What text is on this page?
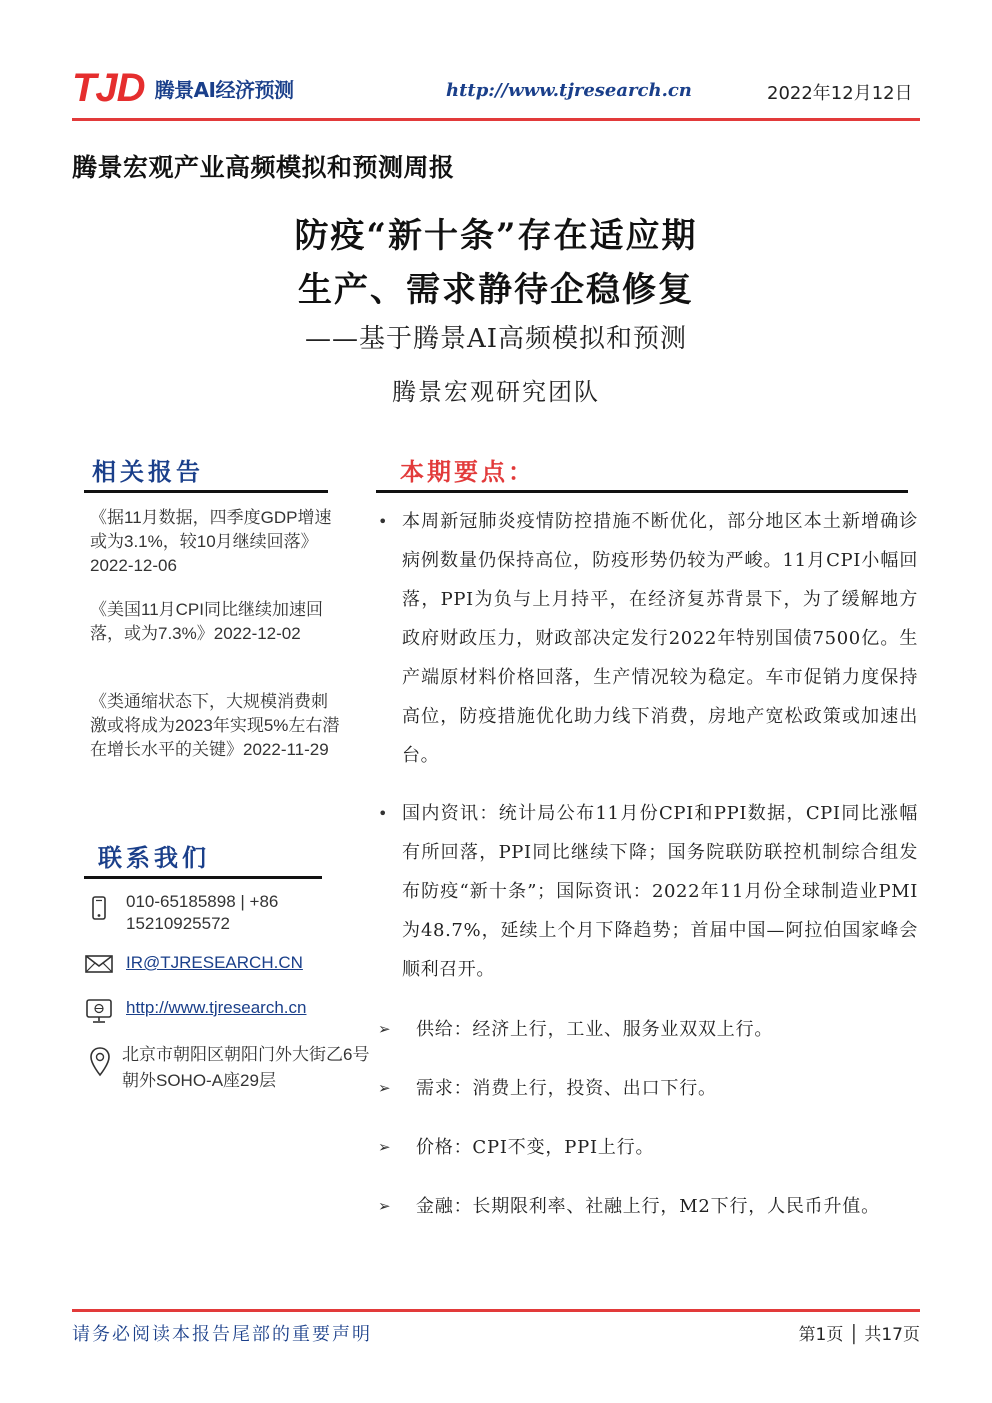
TJD 腾景AI经济预测	http://www.tjresearch.cn	2022年12月12日
腾景宏观产业高频模拟和预测周报
防疫“新十条”存在适应期
生产、需求静待企稳修复
——基于腾景AI高频模拟和预测
腾景宏观研究团队
相关报告
《据11月数据，四季度GDP增速或为3.1%，较10月继续回落》2022-12-06
《美国11月CPI同比继续加速回落，或为7.3%》2022-12-02
《类通缩状态下，大规模消费刺激或将成为2023年实现5%左右潜在增长水平的关键》2022-11-29
联系我们
010-65185898 | +86 15210925572
IR@TJRESEARCH.CN
http://www.tjresearch.cn
北京市朝阳区朝阳门外大街乙6号朝外SOHO-A座29层
本期要点：
• 本周新冠肺炎疫情防控措施不断优化，部分地区本土新增确诊病例数量仍保持高位，防疫形势仍较为严峻。11月CPI小幅回落，PPI为负与上月持平，在经济复苏背景下，为了缓解地方政府财政压力，财政部决定发行2022年特别国债7500亿。生产端原材料价格回落，生产情况较为稳定。车市促销力度保持高位，防疫措施优化助力线下消费，房地产宽松政策或加速出台。
• 国内资讯：统计局公布11月份CPI和PPI数据，CPI同比涨幅有所回落，PPI同比继续下降；国务院联防联控机制综合组发布防疫“新十条”；国际资讯：2022年11月份全球制造业PMI为48.7%，延续上个月下降趋势；首届中国—阿拉伯国家峰会顺利召开。
➢ 供给：经济上行，工业、服务业双双上行。
➢ 需求：消费上行，投资、出口下行。
➢ 价格：CPI不变，PPI上行。
➢ 金融：长期限利率、社融上行，M2下行，人民币升值。
请务必阅读本报告尾部的重要声明	第1页 │ 共17页
